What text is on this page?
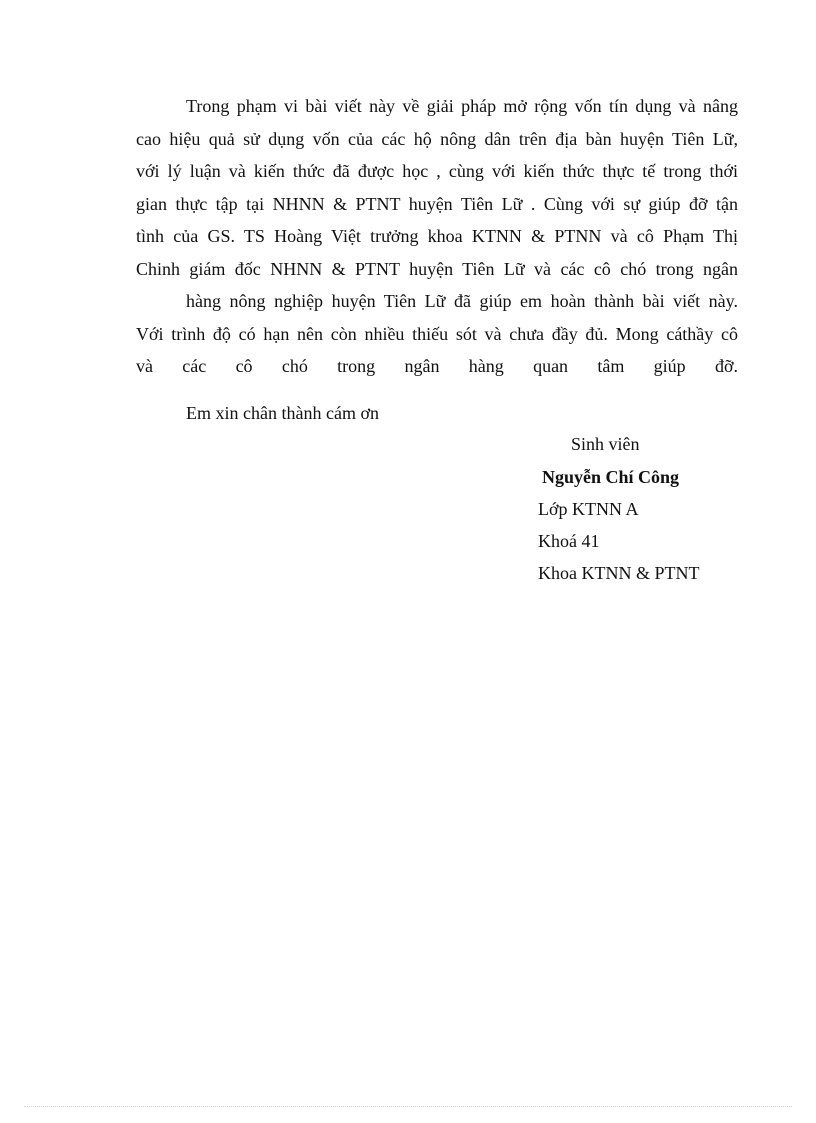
Trong phạm vi bài viết này về giải pháp mở rộng vốn tín dụng và nâng
cao hiệu quả sử dụng vốn của các hộ nông dân trên địa bàn huyện Tiên Lữ,
với lý luận và kiến thức đã được học , cùng với kiến thức thực tế trong thới
gian thực tập tại NHNN & PTNT huyện Tiên Lữ . Cùng với sự giúp đỡ tận
tình của GS. TS Hoàng Việt trưởng khoa KTNN & PTNN và cô Phạm Thị
Chinh giám đốc NHNN & PTNT huyện Tiên Lữ và các cô chó trong ngân
hàng nông nghiệp huyện Tiên Lữ đã giúp em hoàn thành bài viết này.
Với trình độ có hạn nên còn nhiều thiếu sót và chưa đầy đủ. Mong cáthầy cô
và các cô chó trong ngân hàng quan tâm giúp đỡ.
Em xin chân thành cám ơn
Sinh viên
Nguyễn Chí Công
Lớp KTNN A
Khoá 41
Khoa KTNN & PTNT
